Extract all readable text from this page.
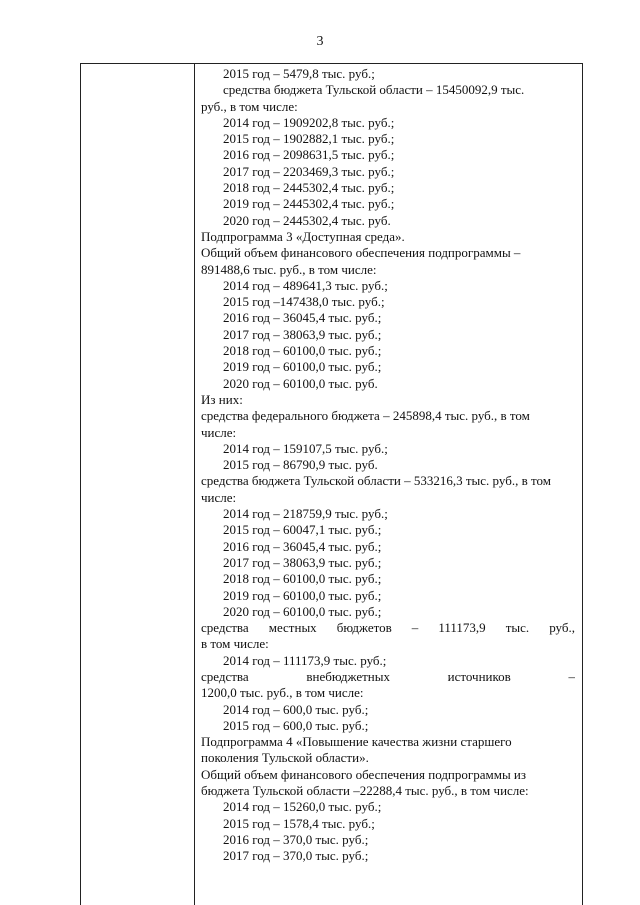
3
2015 год – 5479,8 тыс. руб.;
средства бюджета Тульской области – 15450092,9 тыс.
руб., в том числе:
2014 год – 1909202,8 тыс. руб.;
2015 год – 1902882,1 тыс. руб.;
2016 год – 2098631,5 тыс. руб.;
2017 год – 2203469,3 тыс. руб.;
2018 год – 2445302,4 тыс. руб.;
2019 год – 2445302,4 тыс. руб.;
2020 год – 2445302,4 тыс. руб.
Подпрограмма 3 «Доступная среда».
Общий объем финансового обеспечения подпрограммы –
891488,6 тыс. руб., в том числе:
2014 год – 489641,3 тыс. руб.;
2015 год –147438,0 тыс. руб.;
2016 год – 36045,4 тыс. руб.;
2017 год – 38063,9 тыс. руб.;
2018 год – 60100,0 тыс. руб.;
2019 год – 60100,0 тыс. руб.;
2020 год – 60100,0 тыс. руб.
Из них:
средства федерального бюджета – 245898,4 тыс. руб., в том
числе:
2014 год – 159107,5 тыс. руб.;
2015 год – 86790,9 тыс. руб.
средства бюджета Тульской области – 533216,3 тыс. руб., в том
числе:
2014 год – 218759,9 тыс. руб.;
2015 год – 60047,1 тыс. руб.;
2016 год – 36045,4 тыс. руб.;
2017 год – 38063,9 тыс. руб.;
2018 год – 60100,0 тыс. руб.;
2019 год – 60100,0 тыс. руб.;
2020 год – 60100,0 тыс. руб.;
средства местных бюджетов – 111173,9 тыс. руб.,
в том числе:
2014 год – 111173,9 тыс. руб.;
средства	внебюджетных	источников	–
1200,0 тыс. руб., в том числе:
2014 год – 600,0 тыс. руб.;
2015 год – 600,0 тыс. руб.;
Подпрограмма 4 «Повышение качества жизни старшего
поколения Тульской области».
Общий объем финансового обеспечения подпрограммы из
бюджета Тульской области –22288,4 тыс. руб., в том числе:
2014 год – 15260,0 тыс. руб.;
2015 год – 1578,4 тыс. руб.;
2016 год – 370,0 тыс. руб.;
2017 год – 370,0 тыс. руб.;
